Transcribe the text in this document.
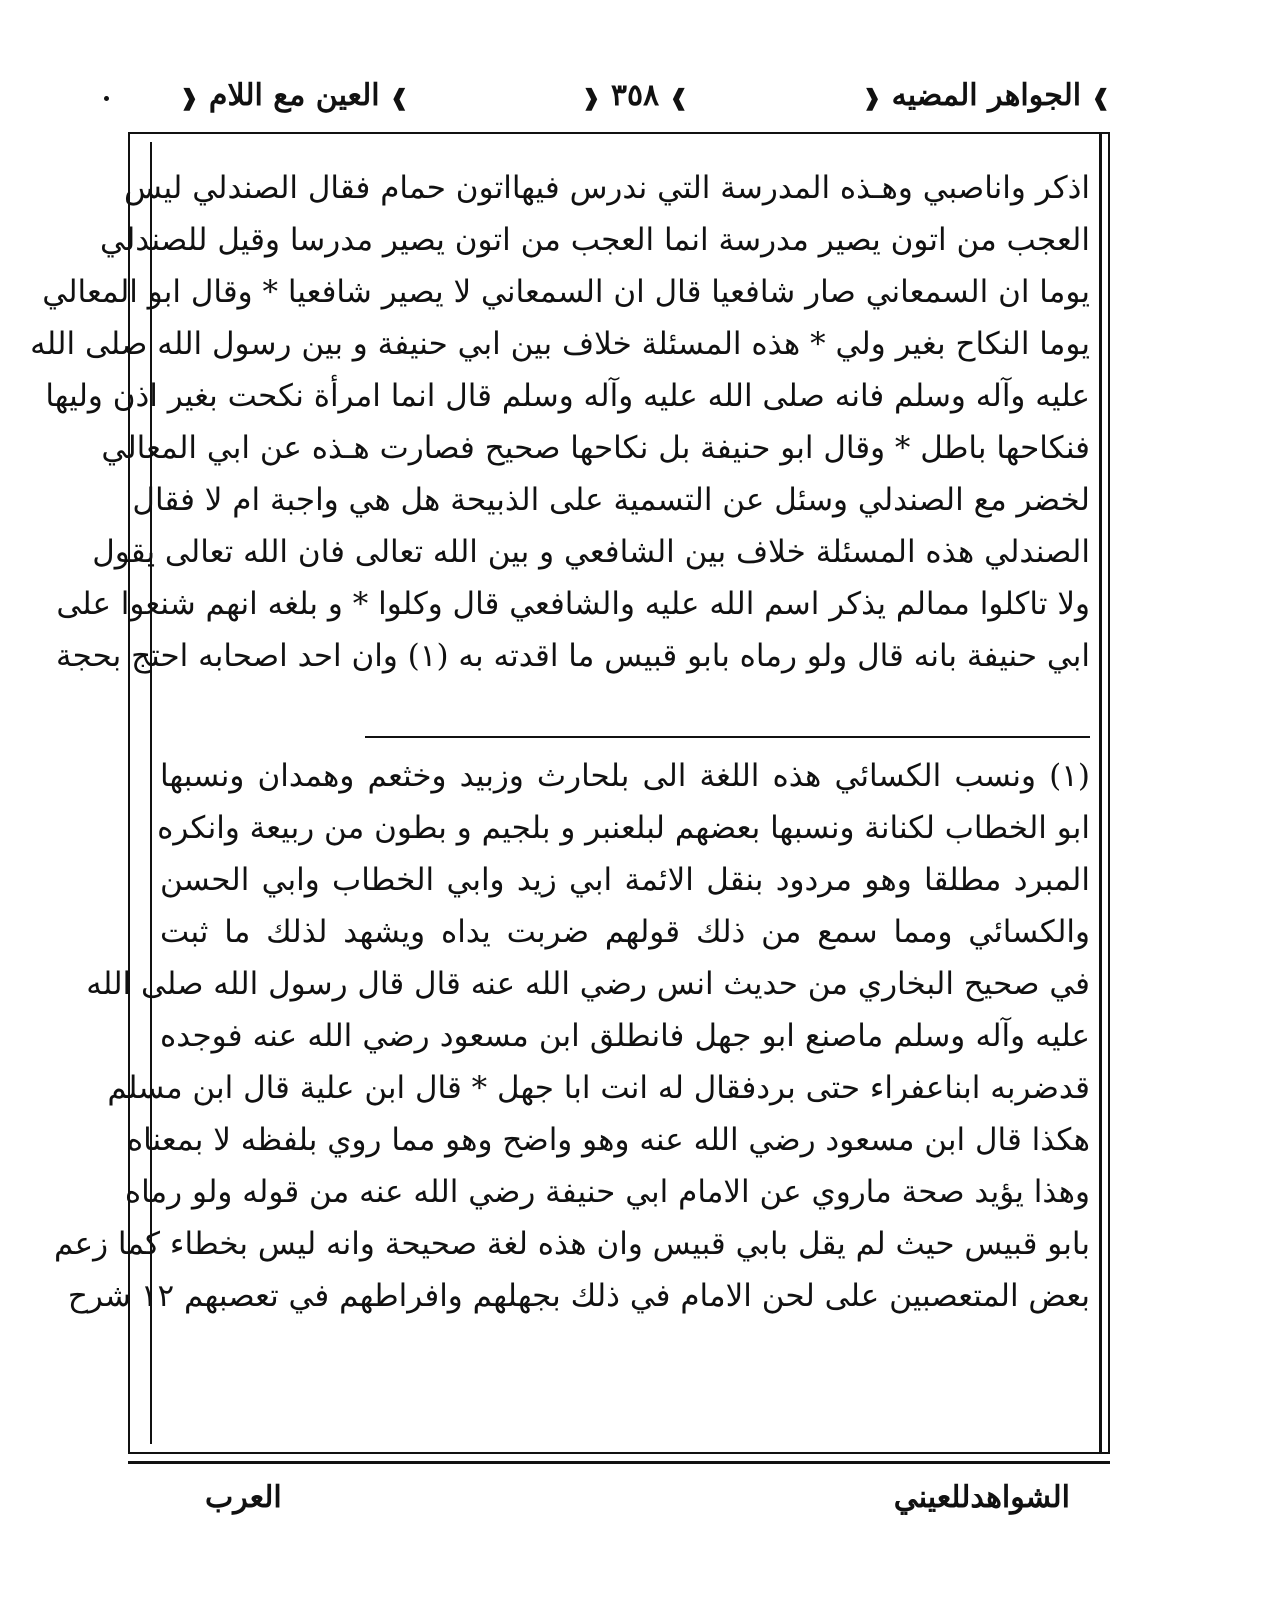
❱ الجواهر المضيه ❰
❱ ٣٥٨ ❰
❱ العين مع اللام ❰
اذكر واناصبي وهـذه المدرسة التي ندرس فيهااتون حمام فقال الصندلي ليس
العجب من اتون يصير مدرسة انما العجب من اتون يصير مدرسا وقيل للصندلي
يوما ان السمعاني صار شافعيا قال ان السمعاني لا يصير شافعيا * وقال ابو المعالي
يوما النكاح بغير ولي * هذه المسئلة خلاف بين ابي حنيفة و بين رسول الله صلى الله
عليه وآله وسلم فانه صلى الله عليه وآله وسلم قال انما امرأة نكحت بغير اذن وليها
فنكاحها باطل * وقال ابو حنيفة بل نكاحها صحيح فصارت هـذه عن ابي المعالي
لخضر مع الصندلي وسئل عن التسمية على الذبيحة هل هي واجبة ام لا فقال
الصندلي هذه المسئلة خلاف بين الشافعي و بين الله تعالى فان الله تعالى يقول
ولا تاكلوا ممالم يذكر اسم الله عليه والشافعي قال وكلوا * و بلغه انهم شنعوا على
ابي حنيفة بانه قال ولو رماه بابو قبيس ما اقدته به (١) وان احد اصحابه احتج بحجة
(١) ونسب الكسائي هذه اللغة الى بلحارث وزبيد وخثعم وهمدان ونسبها
ابو الخطاب لكنانة ونسبها بعضهم لبلعنبر و بلجيم و بطون من ربيعة وانكره
المبرد مطلقا وهو مردود بنقل الائمة ابي زيد وابي الخطاب وابي الحسن
والكسائي ومما سمع من ذلك قولهم ضربت يداه ويشهد لذلك ما ثبت
في صحيح البخاري من حديث انس رضي الله عنه قال قال رسول الله صلى الله
عليه وآله وسلم ماصنع ابو جهل فانطلق ابن مسعود رضي الله عنه فوجده
قدضربه ابناعفراء حتى بردفقال له انت ابا جهل * قال ابن علية قال ابن مسلم
هكذا قال ابن مسعود رضي الله عنه وهو واضح وهو مما روي بلفظه لا بمعناه
وهذا يؤيد صحة ماروي عن الامام ابي حنيفة رضي الله عنه من قوله ولو رماه
بابو قبيس حيث لم يقل بابي قبيس وان هذه لغة صحيحة وانه ليس بخطاء كما زعم
بعض المتعصبين على لحن الامام في ذلك بجهلهم وافراطهم في تعصبهم ١٢ شرح
الشواهدللعيني
العرب
